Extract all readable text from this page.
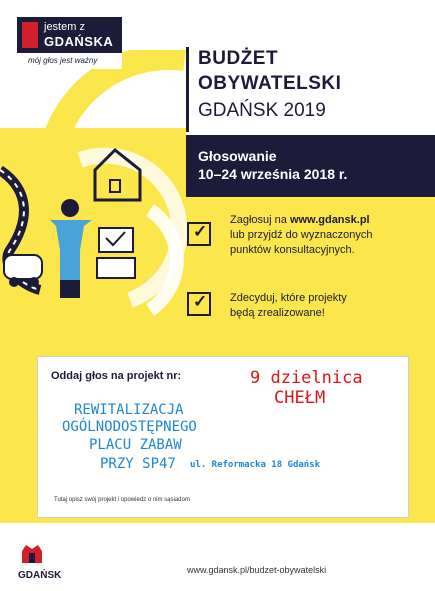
jestem z
GDAŃSKA
mój głos jest ważny	BUDŻET
OBYWATELSKI
GDAŃSK 2019
Głosowanie
10–24 września 2018 r.
✓
Zagłosuj na www.gdansk.pl
lub przyjdź do wyznaczonych
punktów konsultacyjnych.
✓ Zdecyduj, które projekty
będą zrealizowane!
Oddaj głos na projekt nr:	9 dzielnica
CHEŁM
REWITALIZACJA
OGÓLNODOSTĘPNEGO
PLACU ZABAW
PRZY SP47 ul. Reformacka 18 Gdańsk
Tutaj opisz swój projekt i opowiedz o nim sąsiadom
GDAŃSK	www.gdansk.pl/budzet-obywatelski
